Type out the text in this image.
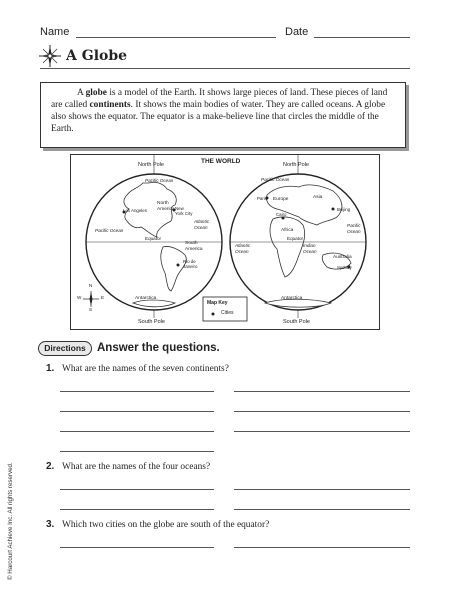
Name	Date
A Globe
A globe is a model of the Earth. It shows large pieces of land. These pieces of land are called continents. It shows the main bodies of water. They are called oceans. A globe also shows the equator. The equator is a make-believe line that circles the middle of the Earth.
THE WORLD
North Pole	North Pole
South Pole	South Pole
Equator	Equator
Pacific Ocean
North America
Los Angeles	New York City
Atlantic Ocean
Pacific Ocean
South America
Rio de Janeiro
Antarctica
Pacific Ocean
Paris Europe	Asia
Cairo
Africa
Beijing
Pacific Ocean
Atlantic Ocean
Indian Ocean
Australia
Sydney
Antarctica
N
S
E
W
Map Key
Cities
Directions Answer the questions.
1. What are the names of the seven continents?
2. What are the names of the four oceans?
3. Which two cities on the globe are south of the equator?
© Harcourt Achieve Inc. All rights reserved.
